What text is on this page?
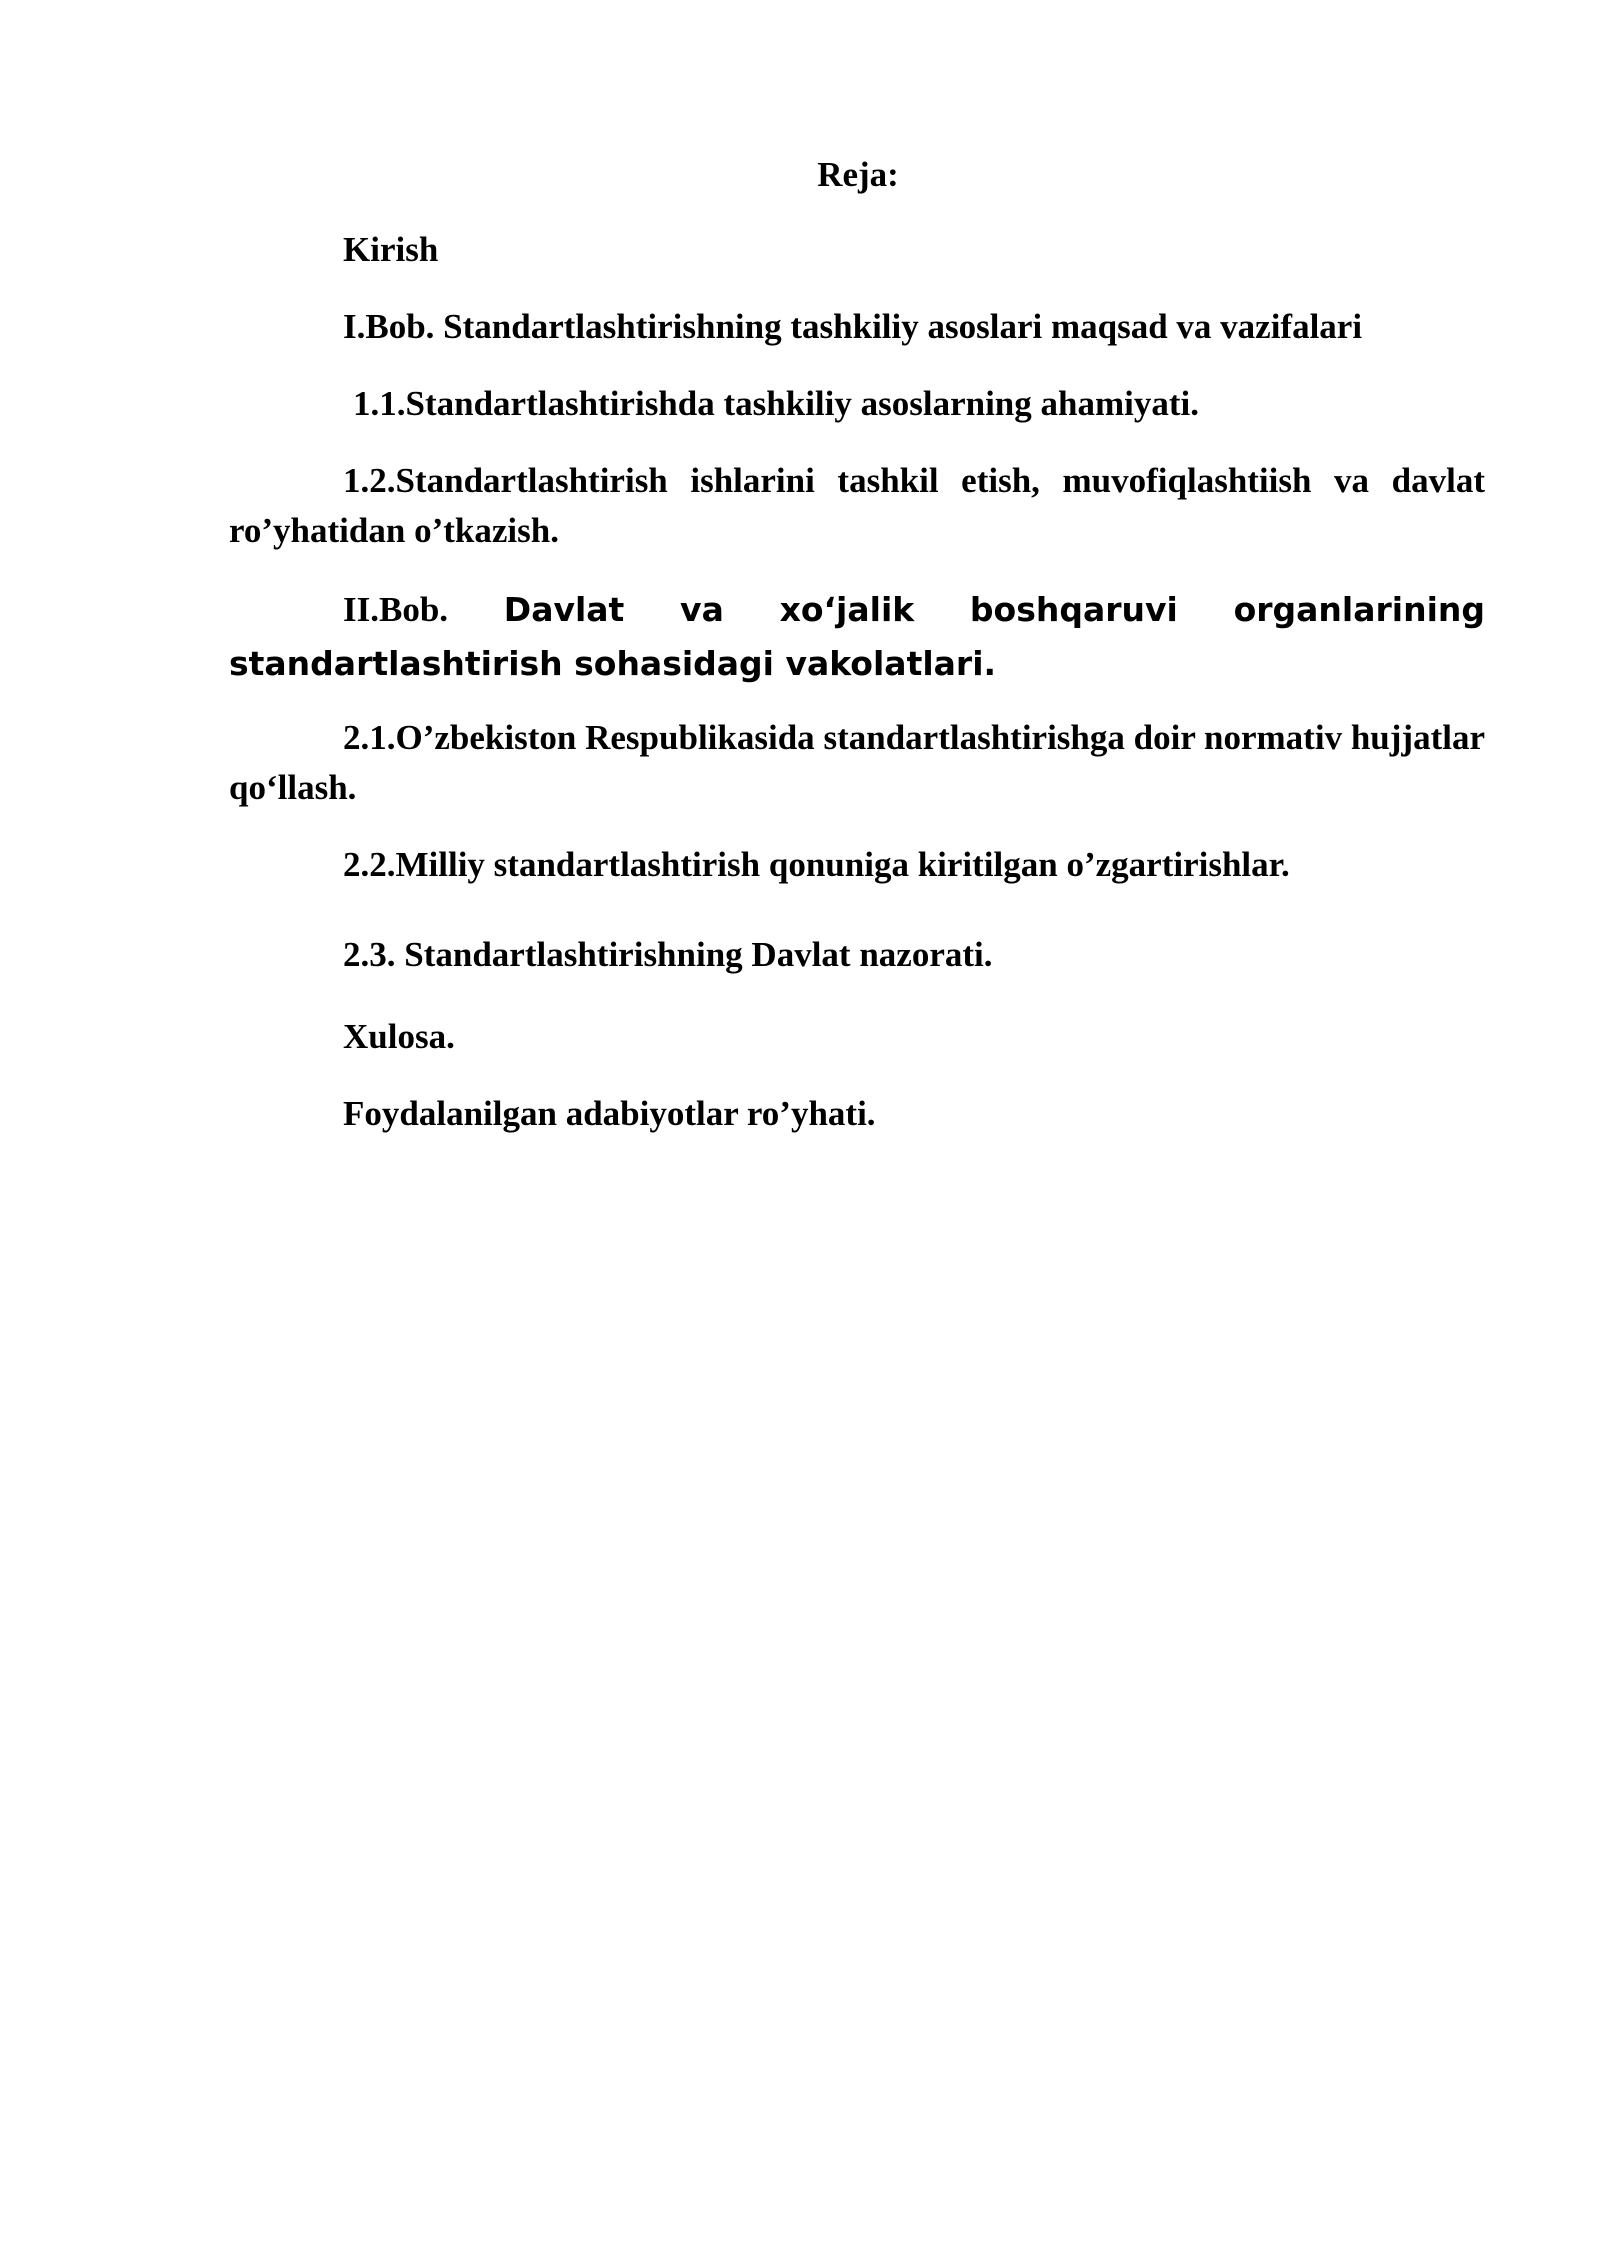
Reja:
Kirish
I.Bob. Standartlashtirishning tashkiliy asoslari maqsad va vazifalari
1.1.Standartlashtirishda tashkiliy asoslarning ahamiyati.
1.2.Standartlashtirish ishlarini tashkil etish, muvofiqlashtiish va davlat ro’yhatidan o’tkazish.
II.Bob. Davlat va xo‘jalik boshqaruvi organlarining standartlashtirish sohasidagi vakolatlari.
2.1.O’zbekiston Respublikasida standartlashtirishga doir normativ hujjatlar qo‘llash.
2.2.Milliy standartlashtirish qonuniga kiritilgan o’zgartirishlar.
2.3. Standartlashtirishning Davlat nazorati.
Xulosa.
Foydalanilgan adabiyotlar ro’yhati.
